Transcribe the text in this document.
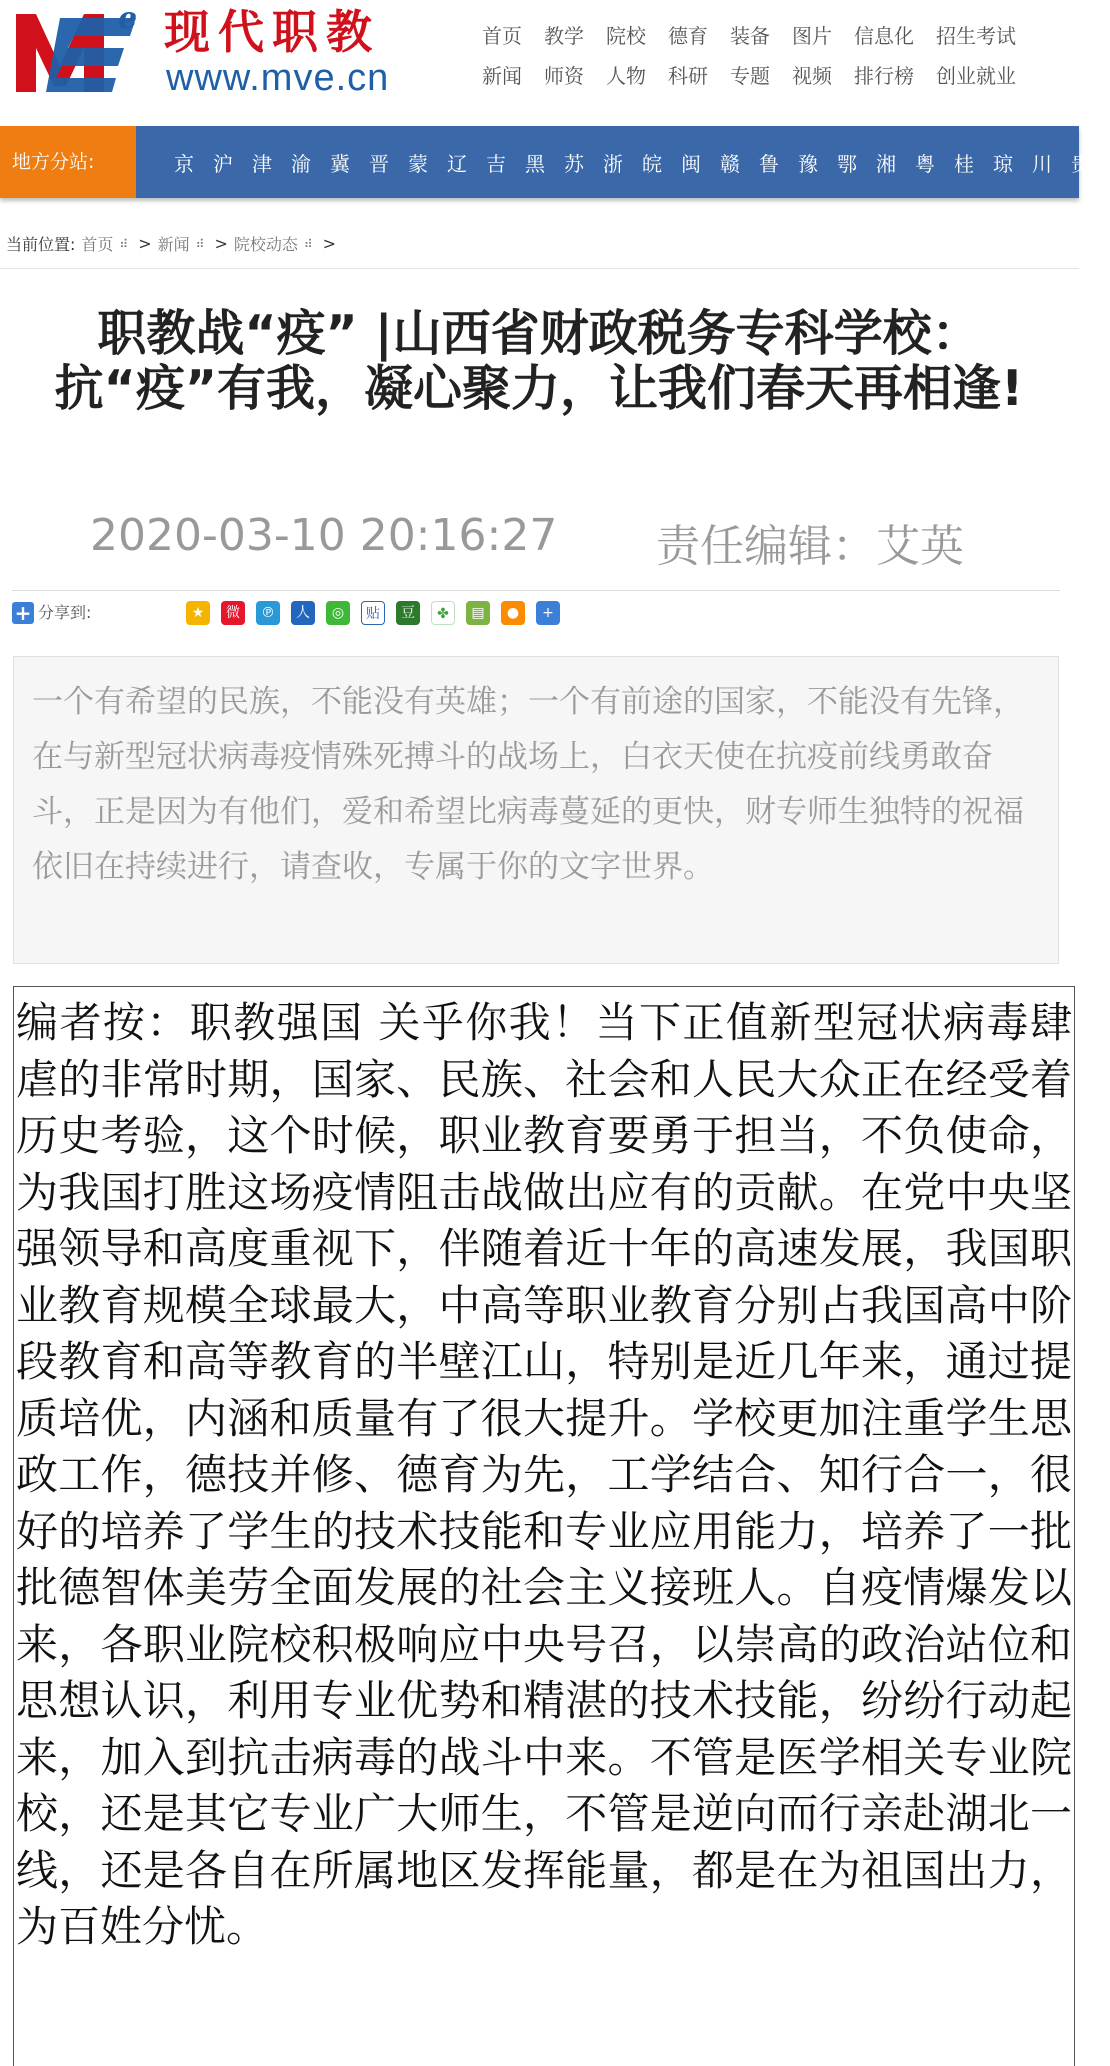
e 现代职教
www.mve.cn
首页 教学 院校 德育 装备 图片 信息化 招生考试
新闻 师资 人物 科研 专题 视频 排行榜 创业就业
地方分站:	京 沪 津 渝 冀 晋 蒙 辽 吉 黑 苏 浙 皖 闽 赣 鲁 豫 鄂 湘 粤 桂 琼 川 贵
当前位置: 首页 ⠾ > 新闻 ⠾ > 院校动态 ⠾ >
职教战“疫” |山西省财政税务专科学校：抗“疫”有我，凝心聚力，让我们春天再相逢!
2020-03-10 20:16:27 责任编辑：艾英
+ 分享到:	★	微	℗	人	◎	贴	豆	✤	▤	●	+
一个有希望的民族，不能没有英雄；一个有前途的国家，不能没有先锋，在与新型冠状病毒疫情殊死搏斗的战场上，白衣天使在抗疫前线勇敢奋斗，正是因为有他们，爱和希望比病毒蔓延的更快，财专师生独特的祝福依旧在持续进行，请查收，专属于你的文字世界。
编者按：职教强国 关乎你我！当下正值新型冠状病毒肆虐的非常时期，国家、民族、社会和人民大众正在经受着历史考验，这个时候，职业教育要勇于担当，不负使命，为我国打胜这场疫情阻击战做出应有的贡献。在党中央坚强领导和高度重视下，伴随着近十年的高速发展，我国职业教育规模全球最大，中高等职业教育分别占我国高中阶段教育和高等教育的半壁江山，特别是近几年来，通过提质培优，内涵和质量有了很大提升。学校更加注重学生思政工作，德技并修、德育为先，工学结合、知行合一，很好的培养了学生的技术技能和专业应用能力，培养了一批批德智体美劳全面发展的社会主义接班人。自疫情爆发以来，各职业院校积极响应中央号召，以崇高的政治站位和思想认识，利用专业优势和精湛的技术技能，纷纷行动起来，加入到抗击病毒的战斗中来。不管是医学相关专业院校，还是其它专业广大师生，不管是逆向而行亲赴湖北一线，还是各自在所属地区发挥能量，都是在为祖国出力，为百姓分忧。
